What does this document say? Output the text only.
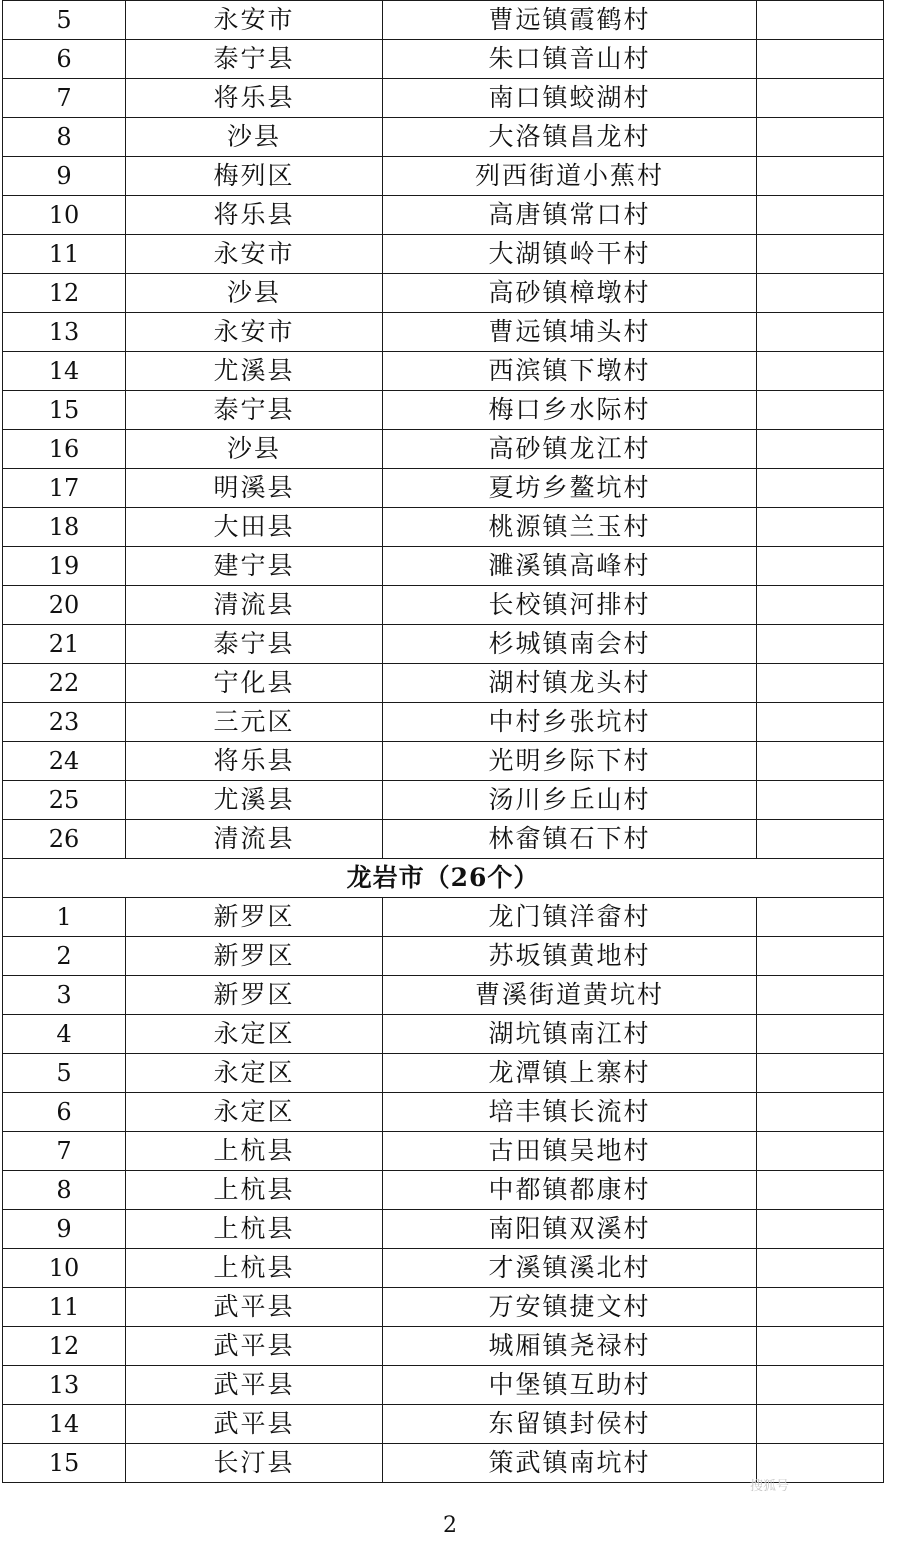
5	永安市	曹远镇霞鹤村	
6	泰宁县	朱口镇音山村	
7	将乐县	南口镇蛟湖村	
8	沙县	大洛镇昌龙村	
9	梅列区	列西街道小蕉村	
10	将乐县	高唐镇常口村	
11	永安市	大湖镇岭干村	
12	沙县	高砂镇樟墩村	
13	永安市	曹远镇埔头村	
14	尤溪县	西滨镇下墩村	
15	泰宁县	梅口乡水际村	
16	沙县	高砂镇龙江村	
17	明溪县	夏坊乡鳌坑村	
18	大田县	桃源镇兰玉村	
19	建宁县	濉溪镇高峰村	
20	清流县	长校镇河排村	
21	泰宁县	杉城镇南会村	
22	宁化县	湖村镇龙头村	
23	三元区	中村乡张坑村	
24	将乐县	光明乡际下村	
25	尤溪县	汤川乡丘山村	
26	清流县	林畲镇石下村	
龙岩市（26个）			
1	新罗区	龙门镇洋畲村	
2	新罗区	苏坂镇黄地村	
3	新罗区	曹溪街道黄坑村	
4	永定区	湖坑镇南江村	
5	永定区	龙潭镇上寨村	
6	永定区	培丰镇长流村	
7	上杭县	古田镇吴地村	
8	上杭县	中都镇都康村	
9	上杭县	南阳镇双溪村	
10	上杭县	才溪镇溪北村	
11	武平县	万安镇捷文村	
12	武平县	城厢镇尧禄村	
13	武平县	中堡镇互助村	
14	武平县	东留镇封侯村	
15	长汀县	策武镇南坑村	
2
搜狐号
